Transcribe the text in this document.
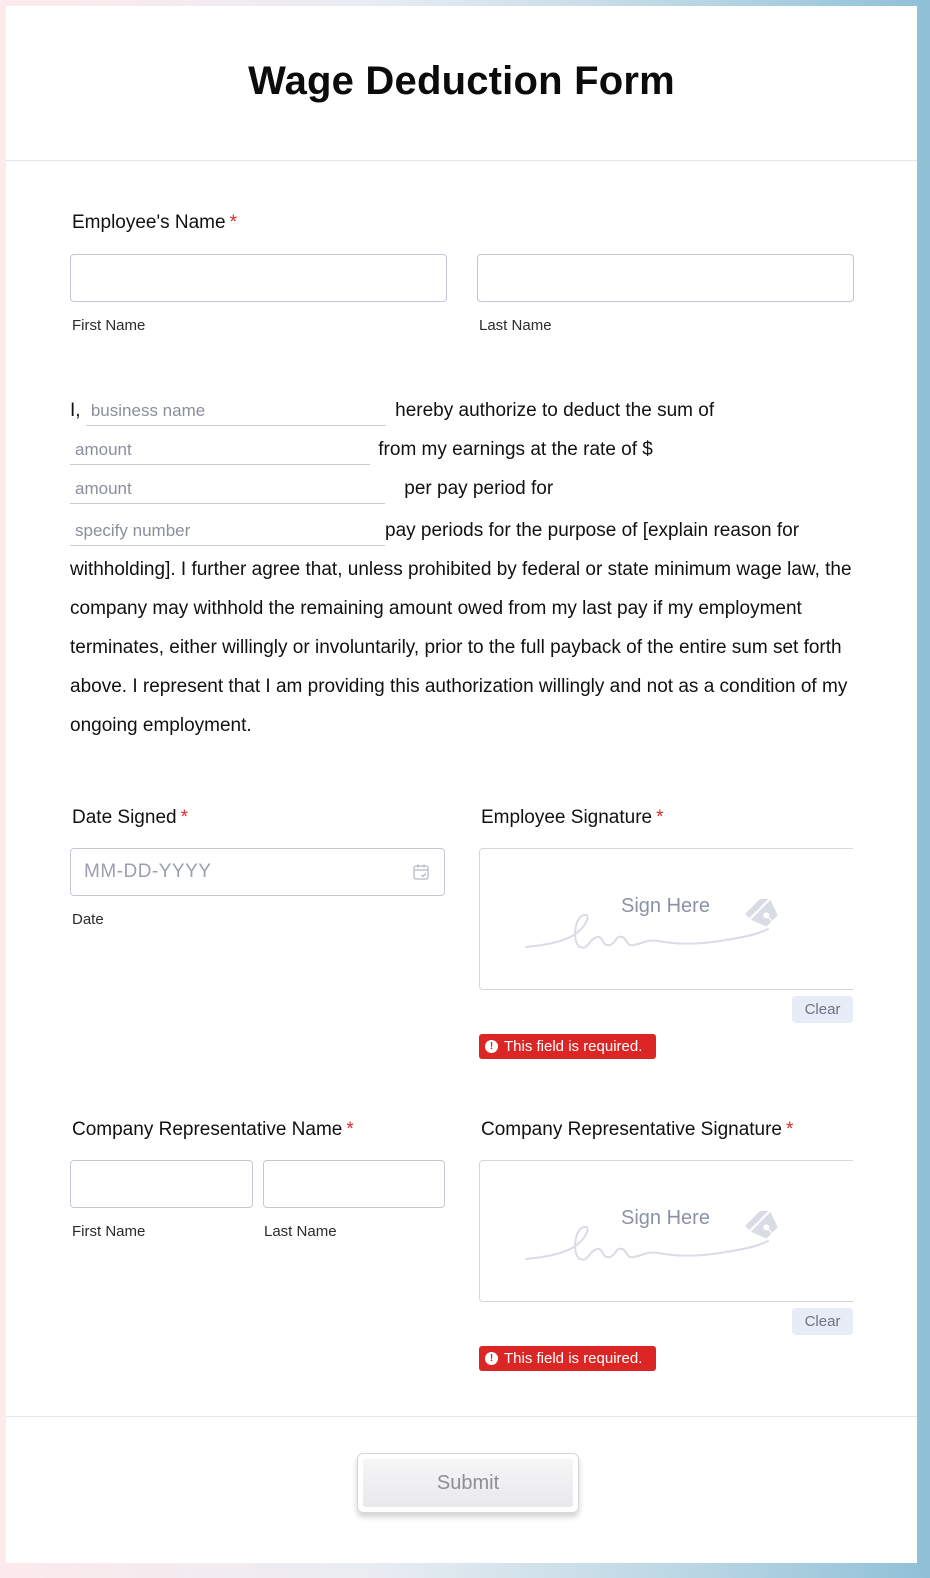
Wage Deduction Form
Employee's Name *
First Name	Last Name
I, business name	hereby authorize to deduct the sum of
amount	from my earnings at the rate of $
amount	per pay period for
specify number	pay periods for the purpose of [explain reason for withholding]. I further agree that, unless prohibited by federal or state minimum wage law, the company may withhold the remaining amount owed from my last pay if my employment terminates, either willingly or involuntarily, prior to the full payback of the entire sum set forth above. I represent that I am providing this authorization willingly and not as a condition of my ongoing employment.
Date Signed *
MM-DD-YYYY
Date
Employee Signature *
Sign Here
Clear
! This field is required.
Company Representative Name *
First Name	Last Name
Company Representative Signature *
Sign Here
Clear
! This field is required.
Submit
